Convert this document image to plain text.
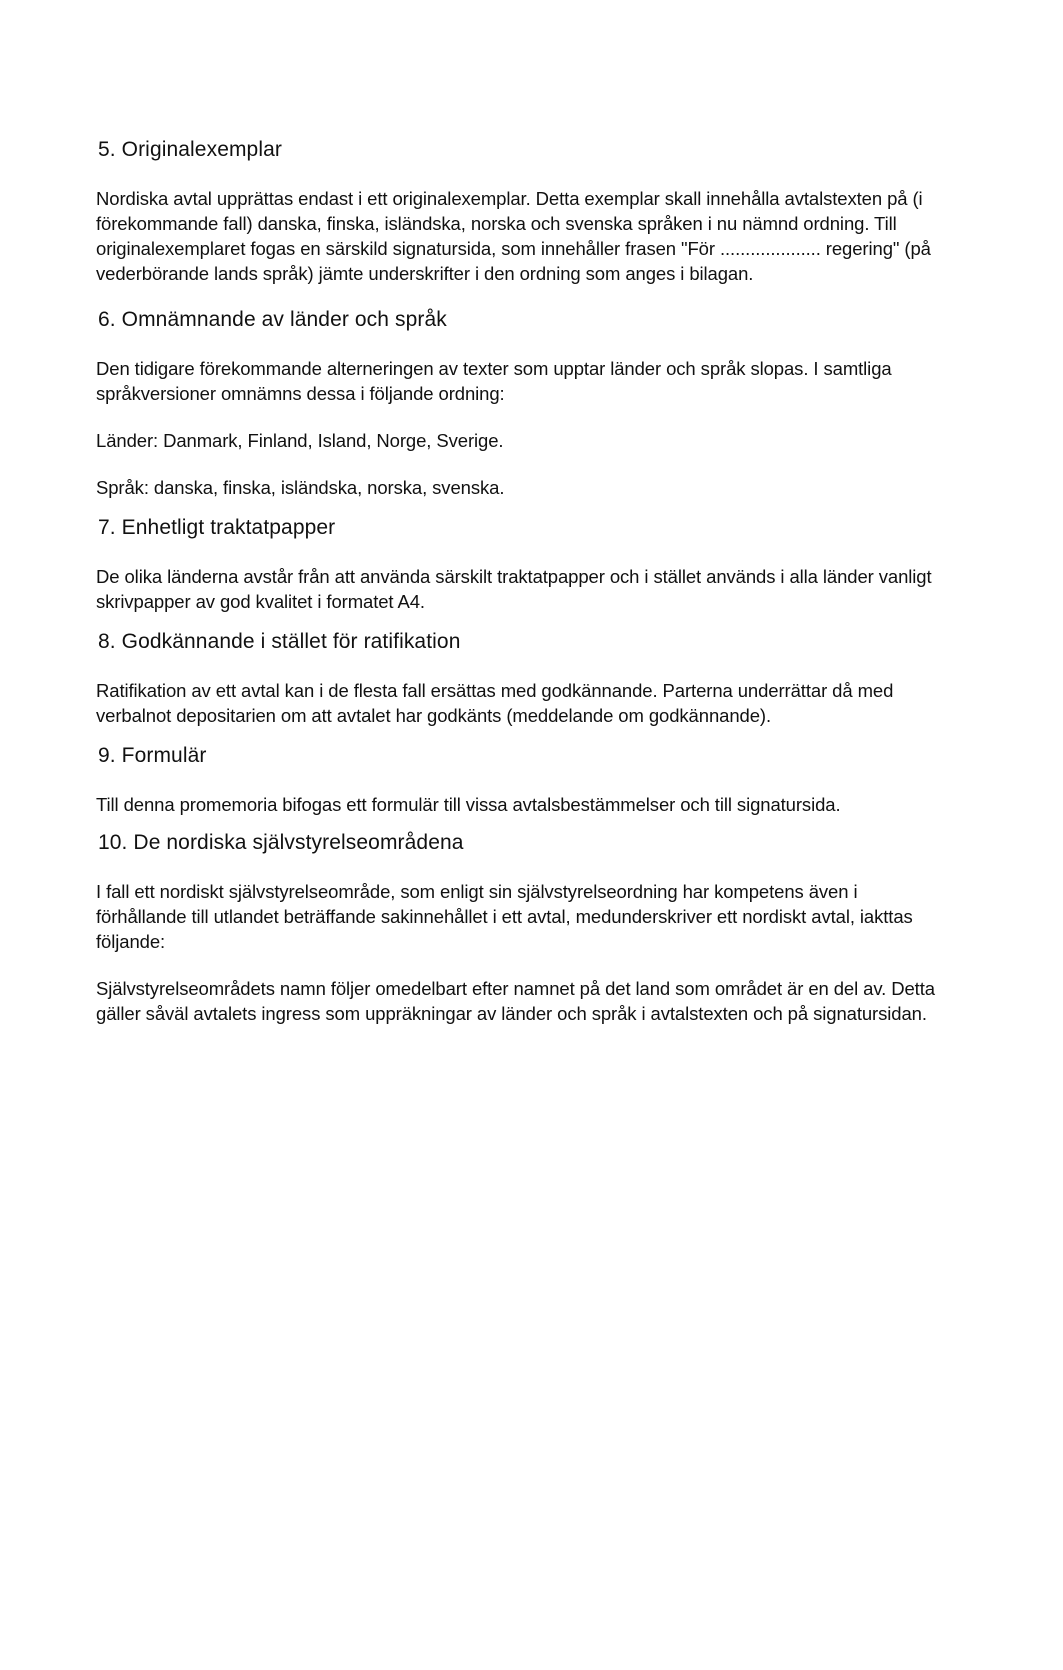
5. Originalexemplar

Nordiska avtal upprättas endast i ett originalexemplar. Detta exemplar skall innehålla avtalstexten på (i förekommande fall) danska, finska, isländska, norska och svenska språken i nu nämnd ordning. Till originalexemplaret fogas en särskild signatursida, som innehåller frasen "För .................... regering" (på vederbörande lands språk) jämte underskrifter i den ordning som anges i bilagan.

6. Omnämnande av länder och språk

Den tidigare förekommande alterneringen av texter som upptar länder och språk slopas. I samtliga språkversioner omnämns dessa i följande ordning:

Länder: Danmark, Finland, Island, Norge, Sverige.

Språk: danska, finska, isländska, norska, svenska.

7. Enhetligt traktatpapper

De olika länderna avstår från att använda särskilt traktatpapper och i stället används i alla länder vanligt skrivpapper av god kvalitet i formatet A4.

8. Godkännande i stället för ratifikation

Ratifikation av ett avtal kan i de flesta fall ersättas med godkännande. Parterna underrättar då med verbalnot depositarien om att avtalet har godkänts (meddelande om godkännande).

9. Formulär

Till denna promemoria bifogas ett formulär till vissa avtalsbestämmelser och till signatursida.

10. De nordiska självstyrelseområdena

I fall ett nordiskt självstyrelseområde, som enligt sin självstyrelseordning har kompetens även i förhållande till utlandet beträffande sakinnehållet i ett avtal, medunderskriver ett nordiskt avtal, iakttas följande:

Självstyrelseområdets namn följer omedelbart efter namnet på det land som området är en del av. Detta gäller såväl avtalets ingress som uppräkningar av länder och språk i avtalstexten och på signatursidan.
